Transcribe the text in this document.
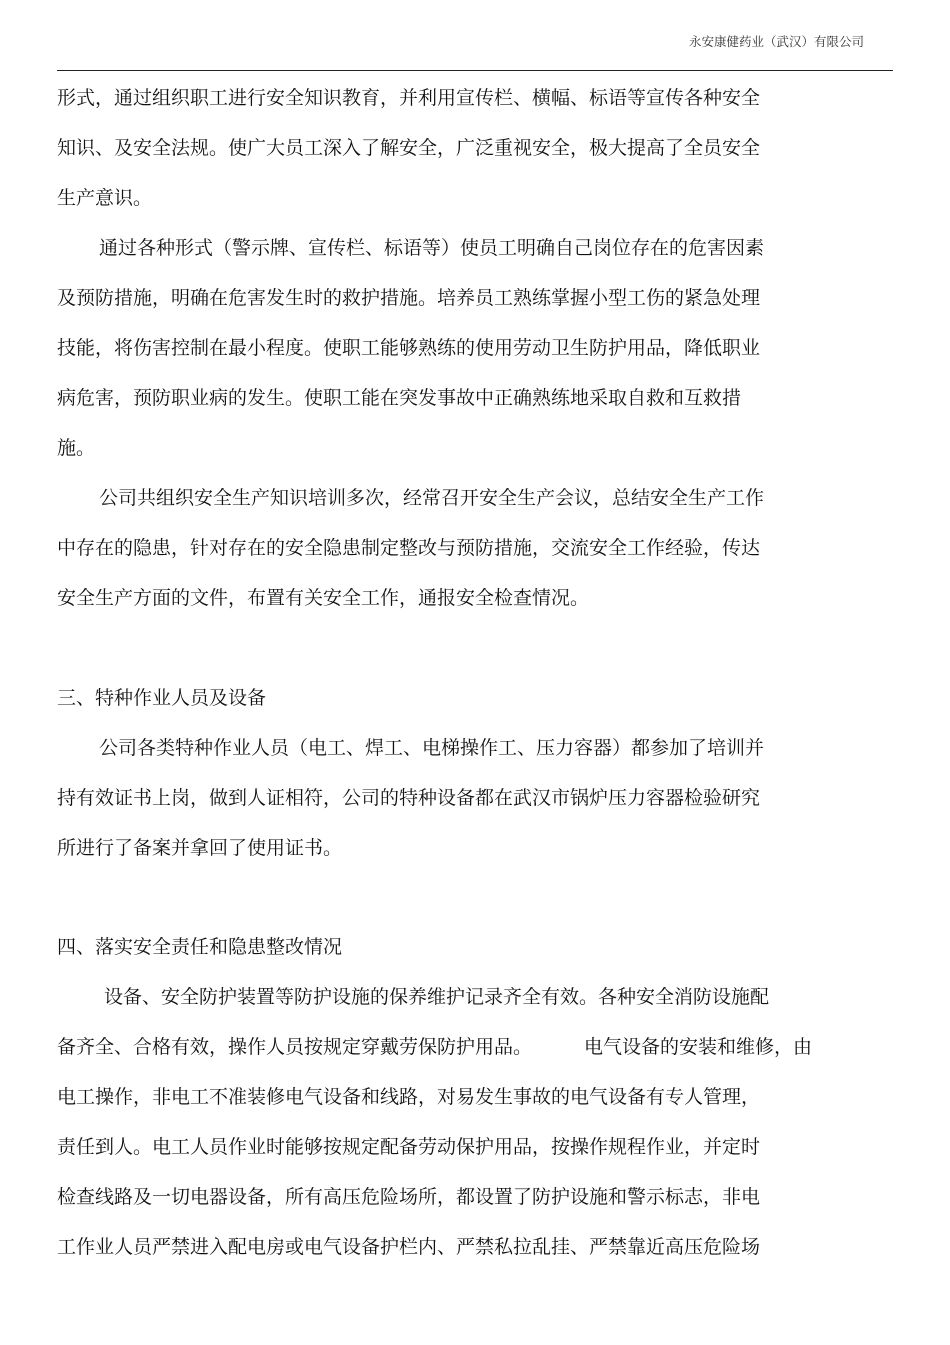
永安康健药业（武汉）有限公司
形式，通过组织职工进行安全知识教育，并利用宣传栏、横幅、标语等宣传各种安全
知识、及安全法规。使广大员工深入了解安全，广泛重视安全，极大提高了全员安全
生产意识。
通过各种形式（警示牌、宣传栏、标语等）使员工明确自己岗位存在的危害因素
及预防措施，明确在危害发生时的救护措施。培养员工熟练掌握小型工伤的紧急处理
技能，将伤害控制在最小程度。使职工能够熟练的使用劳动卫生防护用品，降低职业
病危害，预防职业病的发生。使职工能在突发事故中正确熟练地采取自救和互救措
施。
公司共组织安全生产知识培训多次，经常召开安全生产会议，总结安全生产工作
中存在的隐患，针对存在的安全隐患制定整改与预防措施，交流安全工作经验，传达
安全生产方面的文件，布置有关安全工作，通报安全检查情况。
三、特种作业人员及设备
公司各类特种作业人员（电工、焊工、电梯操作工、压力容器）都参加了培训并
持有效证书上岗，做到人证相符，公司的特种设备都在武汉市锅炉压力容器检验研究
所进行了备案并拿回了使用证书。
四、落实安全责任和隐患整改情况
设备、安全防护装置等防护设施的保养维护记录齐全有效。各种安全消防设施配
备齐全、合格有效，操作人员按规定穿戴劳保防护用品。	电气设备的安装和维修，由
电工操作，非电工不准装修电气设备和线路，对易发生事故的电气设备有专人管理，
责任到人。电工人员作业时能够按规定配备劳动保护用品，按操作规程作业，并定时
检查线路及一切电器设备，所有高压危险场所，都设置了防护设施和警示标志，非电
工作业人员严禁进入配电房或电气设备护栏内、严禁私拉乱挂、严禁靠近高压危险场
